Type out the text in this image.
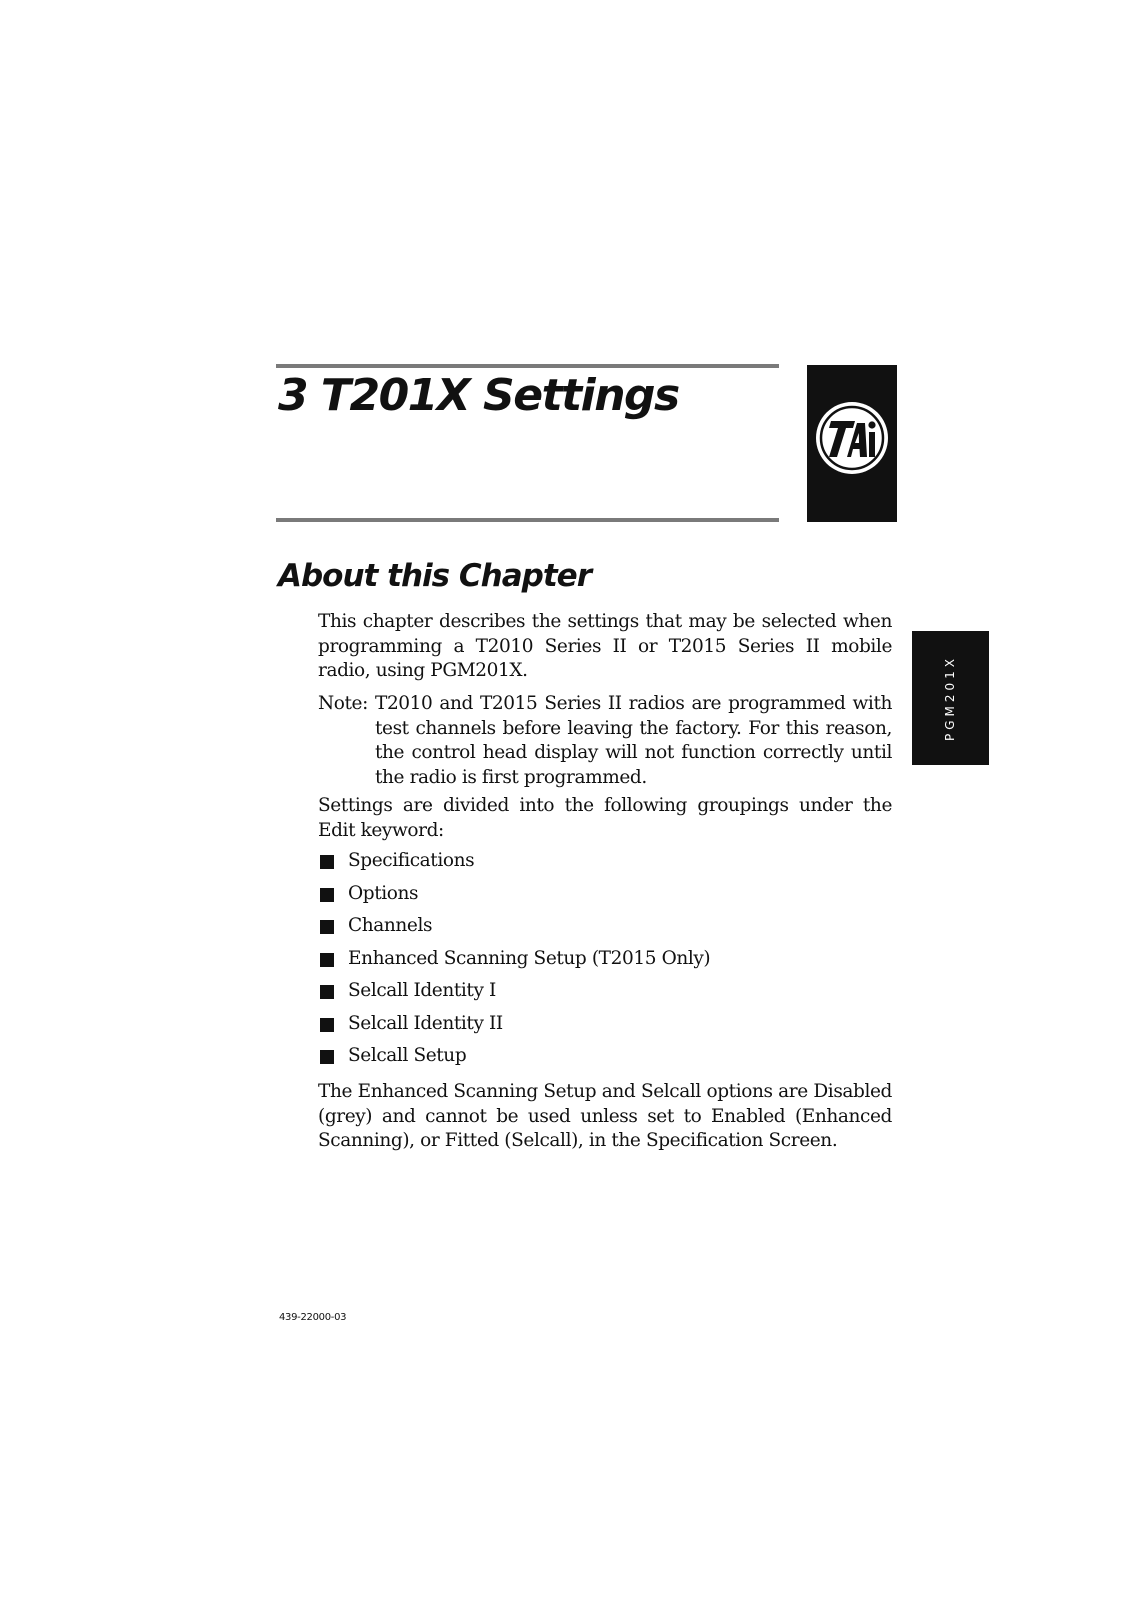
3 T201X Settings
PGM201X
About this Chapter

This chapter describes the settings that may be selected when programming a T2010 Series II or T2015 Series II mobile radio, using PGM201X.

Note: T2010 and T2015 Series II radios are programmed with test channels before leaving the factory. For this reason, the control head display will not function correctly until the radio is first programmed.

Settings are divided into the following groupings under the Edit keyword:

Specifications
Options
Channels
Enhanced Scanning Setup (T2015 Only)
Selcall Identity I
Selcall Identity II
Selcall Setup

The Enhanced Scanning Setup and Selcall options are Disabled (grey) and cannot be used unless set to Enabled (Enhanced Scanning), or Fitted (Selcall), in the Specification Screen.

439-22000-03
